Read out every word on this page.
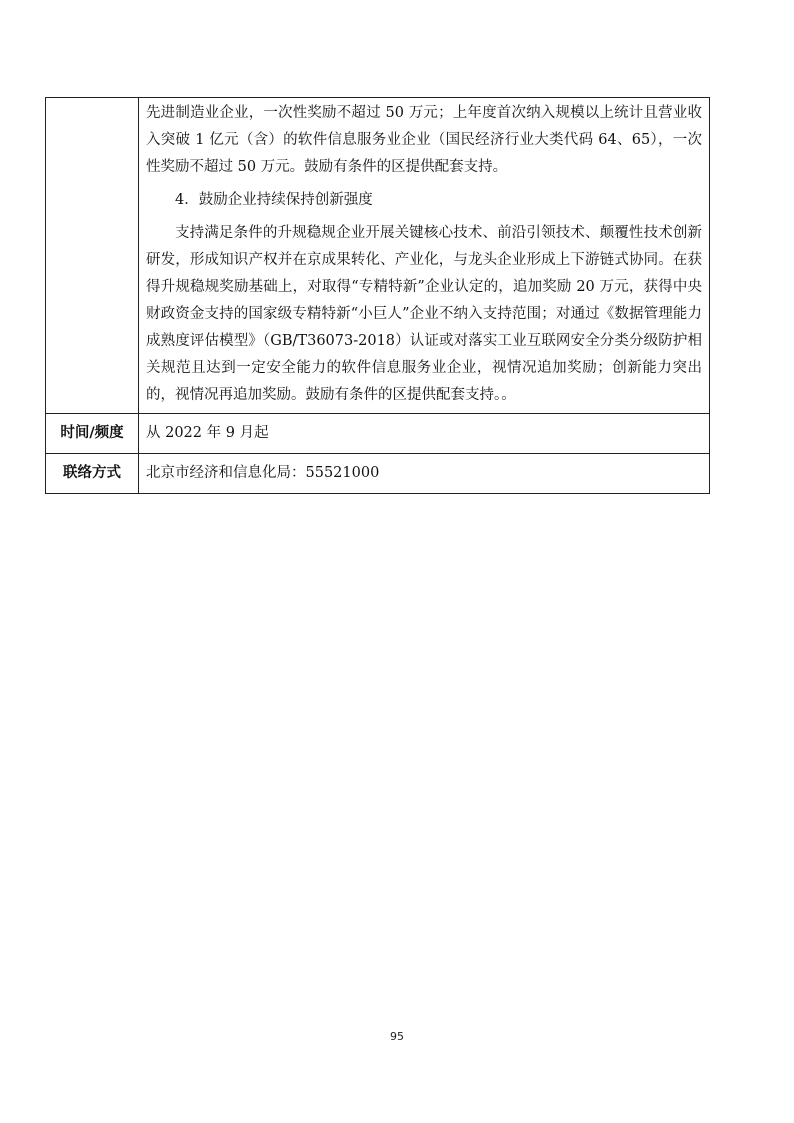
	先进制造业企业，一次性奖励不超过 50 万元；上年度首次纳入规模以上统计且营业收入突破 1 亿元（含）的软件信息服务业企业（国民经济行业大类代码 64、65），一次性奖励不超过 50 万元。鼓励有条件的区提供配套支持。

4．鼓励企业持续保持创新强度

支持满足条件的升规稳规企业开展关键核心技术、前沿引领技术、颠覆性技术创新研发，形成知识产权并在京成果转化、产业化，与龙头企业形成上下游链式协同。在获得升规稳规奖励基础上，对取得“专精特新”企业认定的，追加奖励 20 万元，获得中央财政资金支持的国家级专精特新“小巨人”企业不纳入支持范围；对通过《数据管理能力成熟度评估模型》（GB/T36073-2018）认证或对落实工业互联网安全分类分级防护相关规范且达到一定安全能力的软件信息服务业企业，视情况追加奖励；创新能力突出的，视情况再追加奖励。鼓励有条件的区提供配套支持。。

时间/频度	从 2022 年 9 月起
联络方式	北京市经济和信息化局：55521000
95
